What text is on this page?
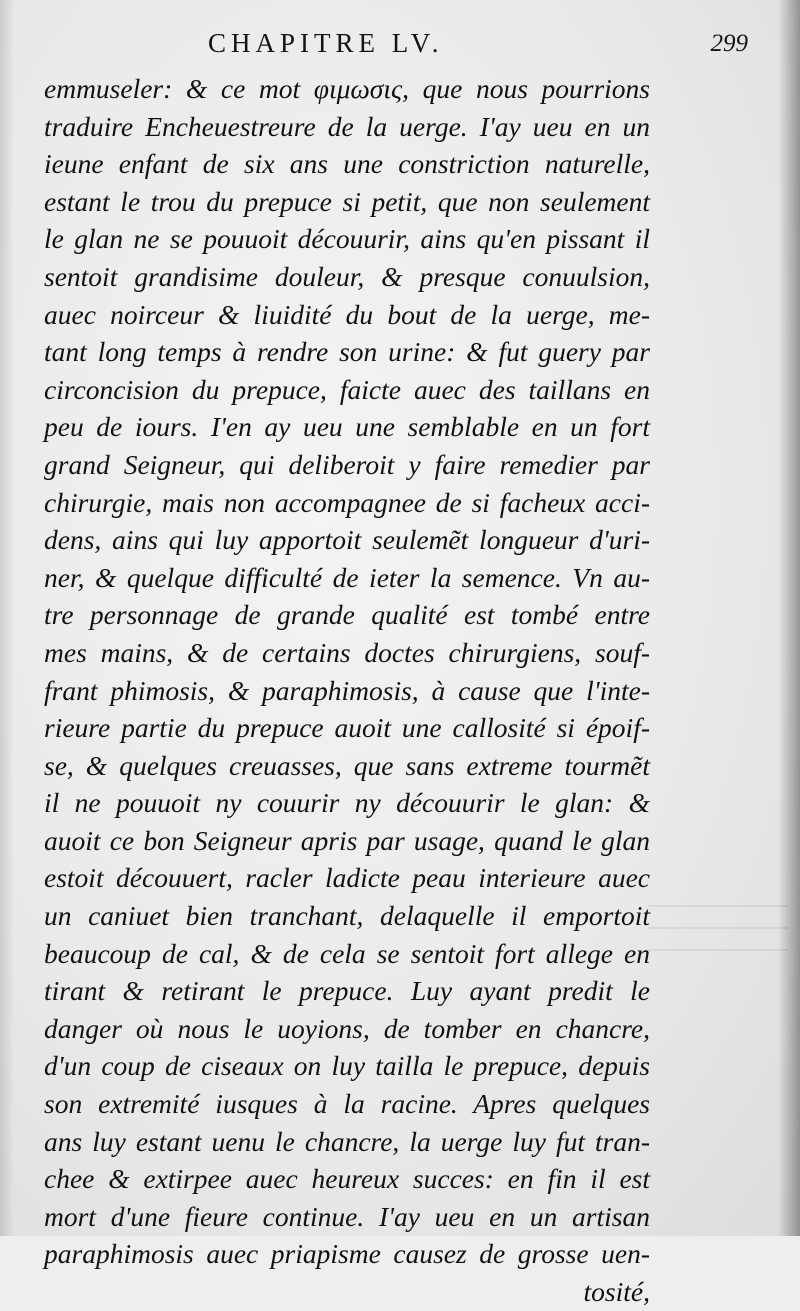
CHAPITRE LV.	299
emmuseler: & ce mot φιμωσις, que nous pourrions
traduire Encheuestreure de la uerge. I'ay ueu en un
ieune enfant de six ans une constriction naturelle,
estant le trou du prepuce si petit, que non seulement
le glan ne se pouuoit découurir, ains qu'en pissant il
sentoit grandisime douleur, & presque conuulsion,
auec noirceur & liuidité du bout de la uerge, me-
tant long temps à rendre son urine: & fut guery par
circoncision du prepuce, faicte auec des taillans en
peu de iours. I'en ay ueu une semblable en un fort
grand Seigneur, qui deliberoit y faire remedier par
chirurgie, mais non accompagnee de si facheux acci-
dens, ains qui luy apportoit seulemẽt longueur d'uri-
ner, & quelque difficulté de ieter la semence. Vn au-
tre personnage de grande qualité est tombé entre
mes mains, & de certains doctes chirurgiens, souf-
frant phimosis, & paraphimosis, à cause que l'inte-
rieure partie du prepuce auoit une callosité si époif-
se, & quelques creuasses, que sans extreme tourmẽt
il ne pouuoit ny couurir ny découurir le glan: &
auoit ce bon Seigneur apris par usage, quand le glan
estoit découuert, racler ladicte peau interieure auec
un caniuet bien tranchant, delaquelle il emportoit
beaucoup de cal, & de cela se sentoit fort allege en
tirant & retirant le prepuce. Luy ayant predit le
danger où nous le uoyions, de tomber en chancre,
d'un coup de ciseaux on luy tailla le prepuce, depuis
son extremité iusques à la racine. Apres quelques
ans luy estant uenu le chancre, la uerge luy fut tran-
chee & extirpee auec heureux succes: en fin il est
mort d'une fieure continue. I'ay ueu en un artisan
paraphimosis auec priapisme causez de grosse uen-
tosité,
